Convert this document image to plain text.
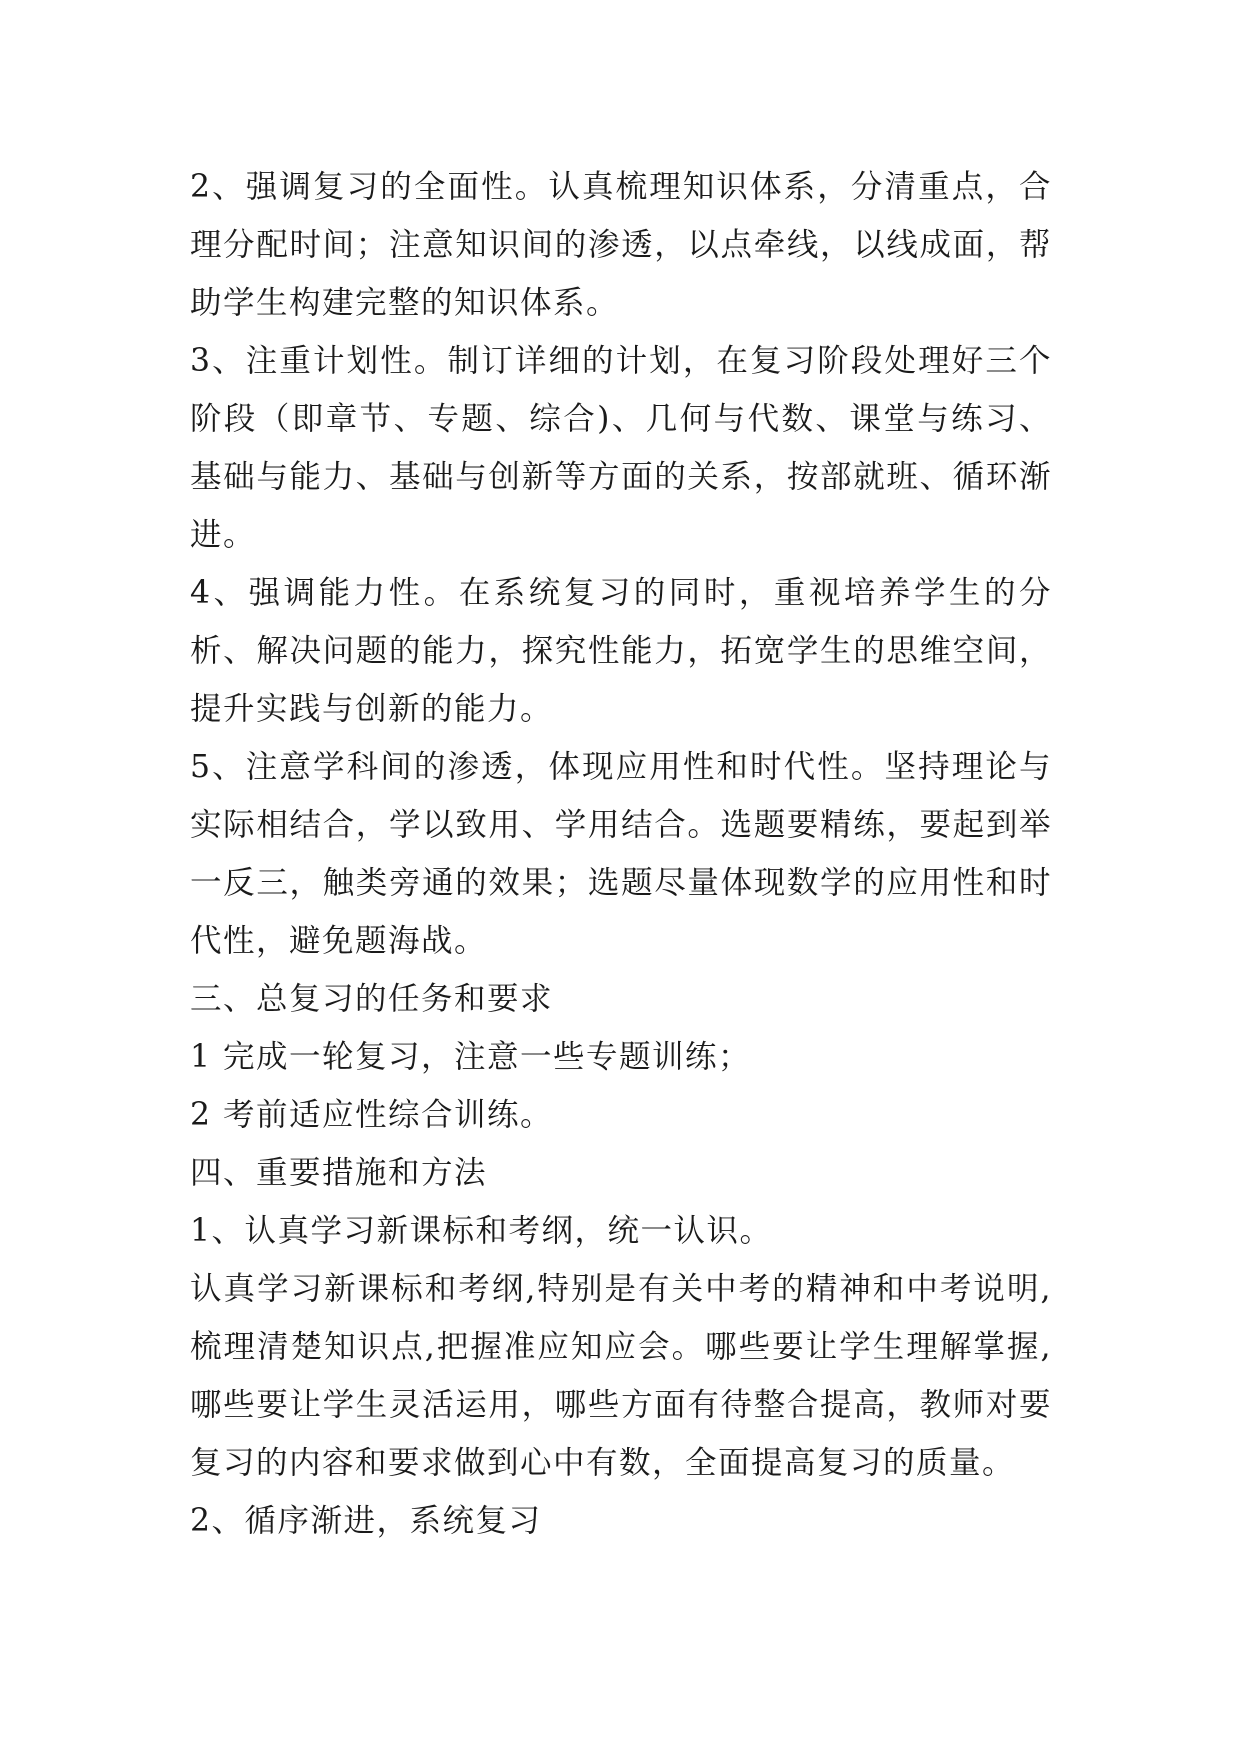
2、强调复习的全面性。认真梳理知识体系，分清重点，合理分配时间；注意知识间的渗透，以点牵线，以线成面，帮助学生构建完整的知识体系。

3、注重计划性。制订详细的计划，在复习阶段处理好三个阶段（即章节、专题、综合)、几何与代数、课堂与练习、基础与能力、基础与创新等方面的关系，按部就班、循环渐进。

4、强调能力性。在系统复习的同时，重视培养学生的分析、解决问题的能力，探究性能力，拓宽学生的思维空间，提升实践与创新的能力。

5、注意学科间的渗透，体现应用性和时代性。坚持理论与实际相结合，学以致用、学用结合。选题要精练，要起到举一反三，触类旁通的效果；选题尽量体现数学的应用性和时代性，避免题海战。

三、总复习的任务和要求

1 完成一轮复习，注意一些专题训练；

2 考前适应性综合训练。

四、重要措施和方法

1、认真学习新课标和考纲，统一认识。

认真学习新课标和考纲,特别是有关中考的精神和中考说明,梳理清楚知识点,把握准应知应会。哪些要让学生理解掌握,哪些要让学生灵活运用，哪些方面有待整合提高，教师对要复习的内容和要求做到心中有数，全面提高复习的质量。

2、循序渐进，系统复习
